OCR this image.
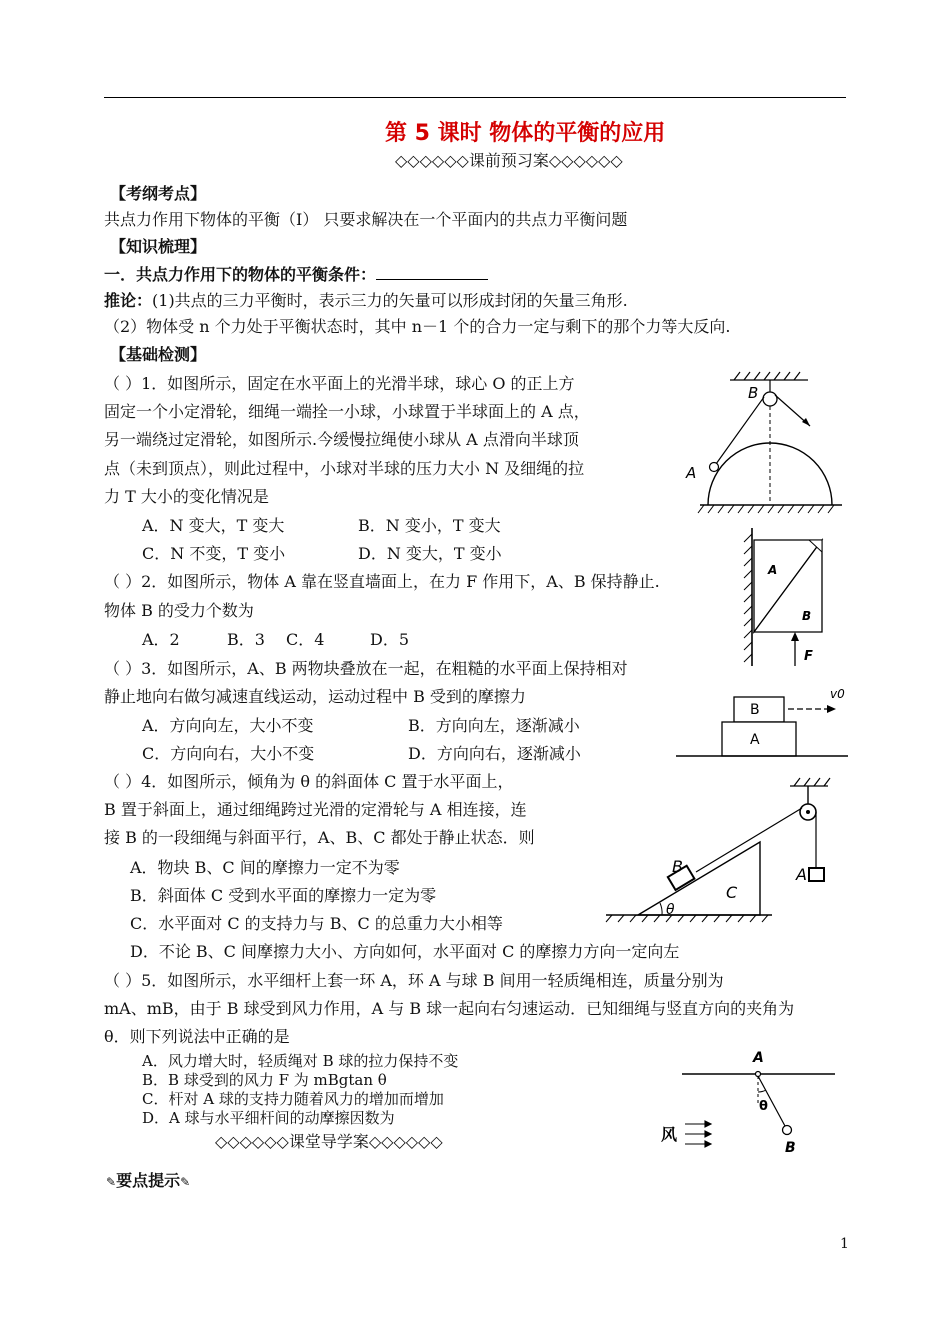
第 5 课时 物体的平衡的应用
◇◇◇◇◇◇课前预习案◇◇◇◇◇◇
【考纲考点】
共点力作用下物体的平衡（Ⅰ） 只要求解决在一个平面内的共点力平衡问题
【知识梳理】
一．共点力作用下的物体的平衡条件：
推论：(1)共点的三力平衡时，表示三力的矢量可以形成封闭的矢量三角形.
（2）物体受 n 个力处于平衡状态时，其中 n－1 个的合力一定与剩下的那个力等大反向.
【基础检测】
（ ）1．如图所示，固定在水平面上的光滑半球，球心 O 的正上方
固定一个小定滑轮，细绳一端拴一小球，小球置于半球面上的 A 点，
另一端绕过定滑轮，如图所示.今缓慢拉绳使小球从 A 点滑向半球顶
点（未到顶点），则此过程中，小球对半球的压力大小 N 及细绳的拉
力 T 大小的变化情况是
A．N 变大，T 变大	B．N 变小，T 变大
C．N 不变，T 变小	D．N 变大，T 变小
（ ）2．如图所示，物体 A 靠在竖直墙面上，在力 F 作用下，A、B 保持静止.
物体 B 的受力个数为
A．2	B．3 C．4	D．5
（ ）3．如图所示，A、B 两物块叠放在一起，在粗糙的水平面上保持相对
静止地向右做匀减速直线运动，运动过程中 B 受到的摩擦力
A．方向向左，大小不变	B．方向向左，逐渐减小
C．方向向右，大小不变	D．方向向右，逐渐减小
（ ）4．如图所示，倾角为 θ 的斜面体 C 置于水平面上，
B 置于斜面上，通过细绳跨过光滑的定滑轮与 A 相连接，连
接 B 的一段细绳与斜面平行，A、B、C 都处于静止状态．则
A．物块 B、C 间的摩擦力一定不为零
B．斜面体 C 受到水平面的摩擦力一定为零
C．水平面对 C 的支持力与 B、C 的总重力大小相等
D．不论 B、C 间摩擦力大小、方向如何，水平面对 C 的摩擦力方向一定向左
（ ）5．如图所示，水平细杆上套一环 A，环 A 与球 B 间用一轻质绳相连，质量分别为
mA、mB，由于 B 球受到风力作用，A 与 B 球一起向右匀速运动．已知细绳与竖直方向的夹角为
θ．则下列说法中正确的是
A．风力增大时，轻质绳对 B 球的拉力保持不变
B．B 球受到的风力 F 为 mBgtan θ
C．杆对 A 球的支持力随着风力的增加而增加
D．A 球与水平细杆间的动摩擦因数为
◇◇◇◇◇◇课堂导学案◇◇◇◇◇◇
✎要点提示✎
1
B
A
A
B
F
B
A
v0
θ
B
C
A
A
θ
B
风
